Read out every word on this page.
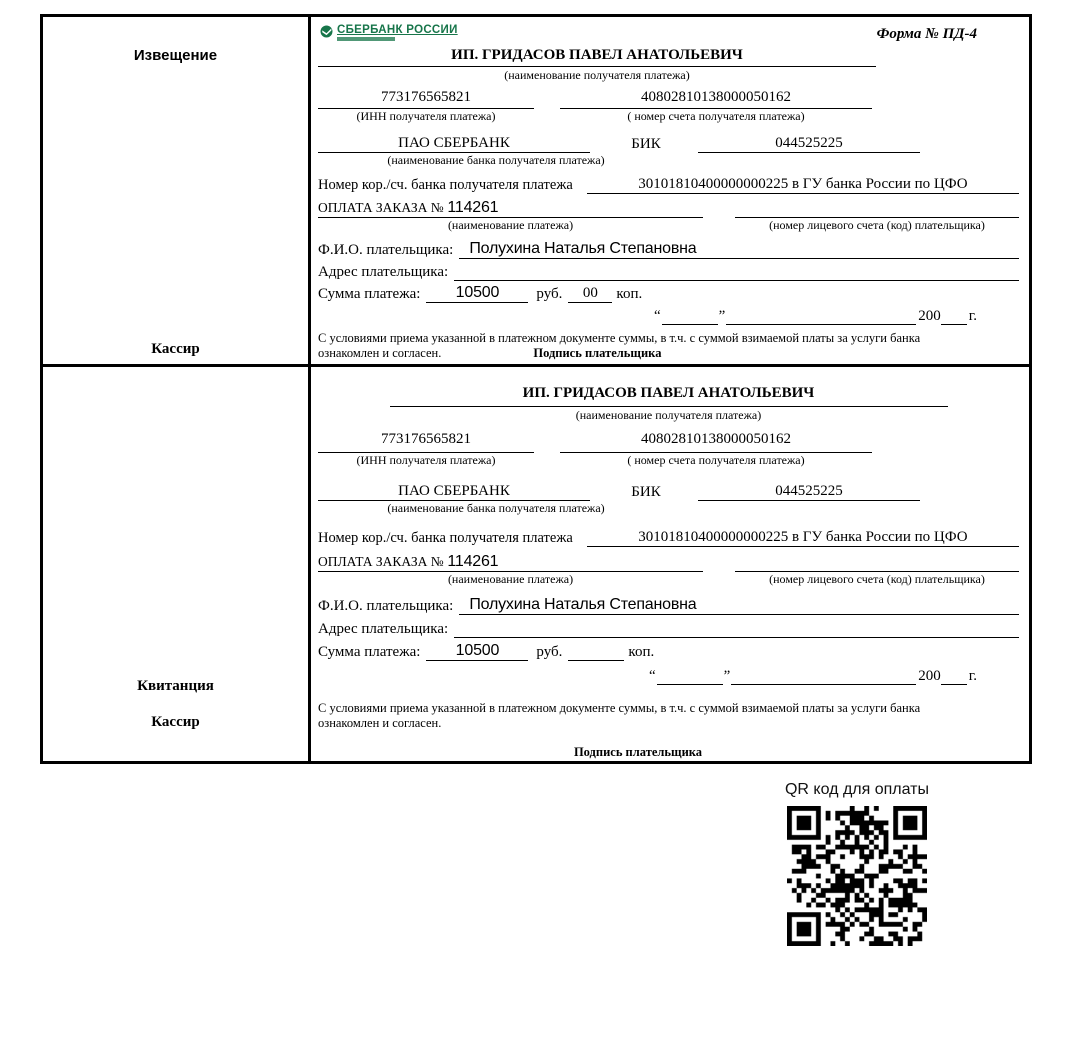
Извещение
Кассир
СБЕРБАНК РОССИИ	Форма № ПД-4
ИП. ГРИДАСОВ ПАВЕЛ АНАТОЛЬЕВИЧ
(наименование получателя платежа)
773176565821	40802810138000050162
(ИНН получателя платежа)	( номер счета получателя платежа)
ПАО СБЕРБАНК	БИК	044525225
(наименование банка получателя платежа)
Номер кор./сч. банка получателя платежа	30101810400000000225 в ГУ банка России по ЦФО
ОПЛАТА ЗАКАЗА № 114261
(наименование платежа)	(номер лицевого счета (код) плательщика)
Ф.И.О. плательщика:	Полухина Наталья Степановна
Адрес плательщика:
Сумма платежа:	10500	руб.	00	коп.
“	”	200 г.
С условиями приема указанной в платежном документе суммы, в т.ч. с суммой взимаемой платы за услуги банка
ознакомлен и согласен.	Подпись плательщика
Квитанция
Кассир
ИП. ГРИДАСОВ ПАВЕЛ АНАТОЛЬЕВИЧ
(наименование получателя платежа)
773176565821	40802810138000050162
(ИНН получателя платежа)	( номер счета получателя платежа)
ПАО СБЕРБАНК	БИК	044525225
(наименование банка получателя платежа)
Номер кор./сч. банка получателя платежа	30101810400000000225 в ГУ банка России по ЦФО
ОПЛАТА ЗАКАЗА № 114261
(наименование платежа)	(номер лицевого счета (код) плательщика)
Ф.И.О. плательщика:	Полухина Наталья Степановна
Адрес плательщика:
Сумма платежа:	10500	руб.	коп.
“	”	200 г.
С условиями приема указанной в платежном документе суммы, в т.ч. с суммой взимаемой платы за услуги банка
ознакомлен и согласен.
Подпись плательщика
QR код для оплаты
